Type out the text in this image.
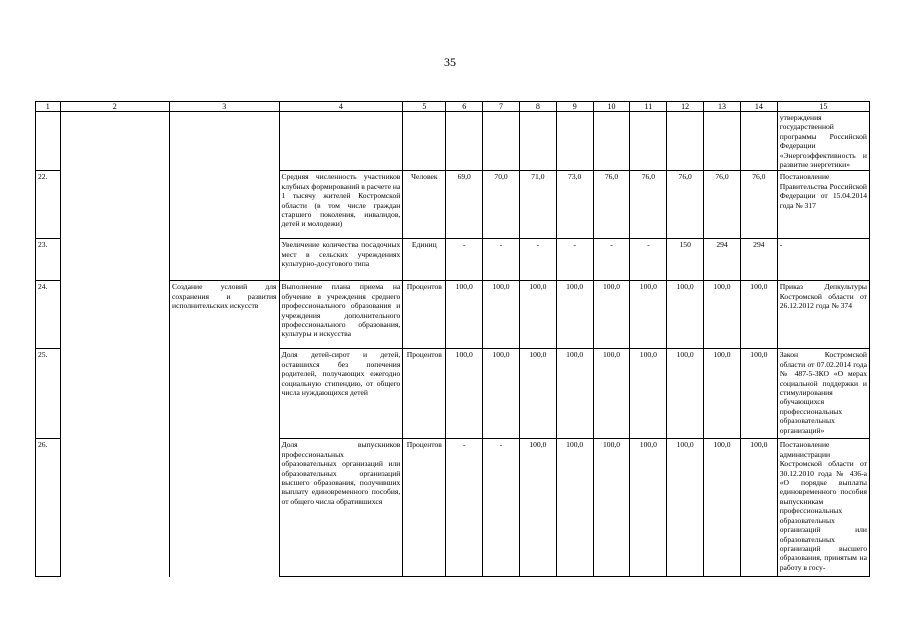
35
1	2	3	4	5	6	7	8	9	10	11	12	13	14	15
														утверждения государственной программы Российской Федерации «Энергоэффективность и развитие энергетики»
22.			Средняя численность участников клубных формирований в расчете на 1 тысячу жителей Костромской области (в том числе граждан старшего поколения, инвалидов, детей и молодежи)	Человек	69,0	70,0	71,0	73,0	76,0	76,0	76,0	76,0	76,0	Постановление Правительства Российской Федерации от 15.04.2014 года № 317
23.			Увеличение количества посадочных мест в сельских учреждениях культурно-досугового типа	Единиц	-	-	-	-	-	-	150	294	294	-
24.		Создание условий для сохранения и развития исполнительских искусств	Выполнение плана приема на обучение в учреждения среднего профессионального образования и учреждения дополнительного профессионального образования, культуры и искусства	Процентов	100,0	100,0	100,0	100,0	100,0	100,0	100,0	100,0	100,0	Приказ Депкультуры Костромской области от 26.12.2012 года № 374
25.			Доля детей-сирот и детей, оставшихся без попечения родителей, получающих ежегодно социальную стипендию, от общего числа нуждающихся детей	Процентов	100,0	100,0	100,0	100,0	100,0	100,0	100,0	100,0	100,0	Закон Костромской области от 07.02.2014 года № 487-5-ЗКО «О мерах социальной поддержки и стимулирования обучающихся профессиональных образовательных организаций»
26.			Доля выпускников профессиональных образовательных организаций или образовательных организаций высшего образования, получивших выплату единовременного пособия, от общего числа обратившихся	Процентов	-	-	100,0	100,0	100,0	100,0	100,0	100,0	100,0	Постановление администрации Костромской области от 30.12.2010 года № 436-а «О порядке выплаты единовременного пособия выпускникам профессиональных образовательных организаций или образовательных организаций высшего образования, принятым на работу в госу-
